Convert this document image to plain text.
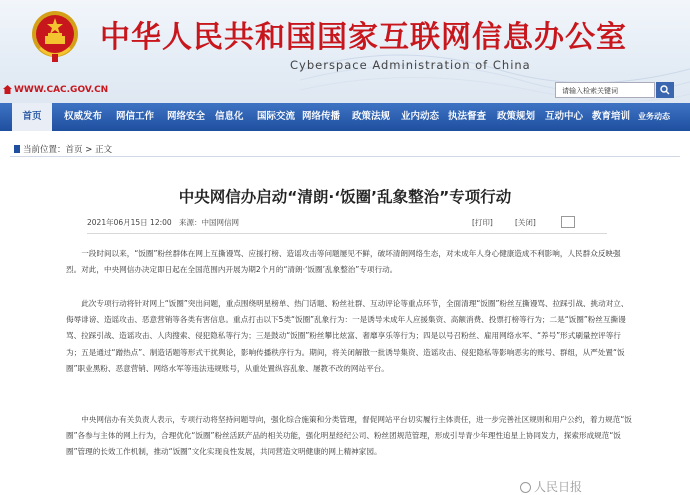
中华人民共和国国家互联网信息办公室
Cyberspace Administration of China
WWW.CAC.GOV.CN	请输入检索关键词
首页	权威发布 网信工作 网络安全 信息化 国际交流 网络传播 政策法规 业内动态 执法督查 政策规划 互动中心 教育培训 业务动态
当前位置：首页 > 正文
中央网信办启动“清朗·‘饭圈’乱象整治”专项行动
2021年06月15日 12:00 来源：中国网信网	[打印]	[关闭]

一段时间以来，“饭圈”粉丝群体在网上互撕谩骂、应援打榜、造谣攻击等问题屡见不鲜，破坏清朗网络生态，对未成年人身心健康造成不利影响，人民群众反映强烈。对此，中央网信办决定即日起在全国范围内开展为期2个月的“清朗·‘饭圈’乱象整治”专项行动。

此次专项行动将针对网上“饭圈”突出问题，重点围绕明星榜单、热门话题、粉丝社群、互动评论等重点环节，全面清理“饭圈”粉丝互撕谩骂、拉踩引战、挑动对立、侮辱诽谤、造谣攻击、恶意营销等各类有害信息。重点打击以下5类“饭圈”乱象行为：一是诱导未成年人应援集资、高额消费、投票打榜等行为；二是“饭圈”粉丝互撕谩骂、拉踩引战、造谣攻击、人肉搜索、侵犯隐私等行为；三是鼓动“饭圈”粉丝攀比炫富、奢靡享乐等行为；四是以号召粉丝、雇用网络水军、“养号”形式刷量控评等行为；五是通过“蹭热点”、制造话题等形式干扰舆论，影响传播秩序行为。期间，将关闭解散一批诱导集资、造谣攻击、侵犯隐私等影响恶劣的账号、群组，从严处置“饭圈”职业黑粉、恶意营销、网络水军等违法违规账号，从重处置纵容乱象、屡教不改的网站平台。

中央网信办有关负责人表示，专项行动将坚持问题导向，强化综合施策和分类管理，督促网站平台切实履行主体责任，进一步完善社区规则和用户公约，着力规范“饭圈”各参与主体的网上行为，合理优化“饭圈”粉丝活跃产品的相关功能，强化明星经纪公司、粉丝团规范管理，形成引导青少年理性追星上协同发力，探索形成规范“饭圈”管理的长效工作机制，推动“饭圈”文化实现良性发展，共同营造文明健康的网上精神家园。

人民日报
